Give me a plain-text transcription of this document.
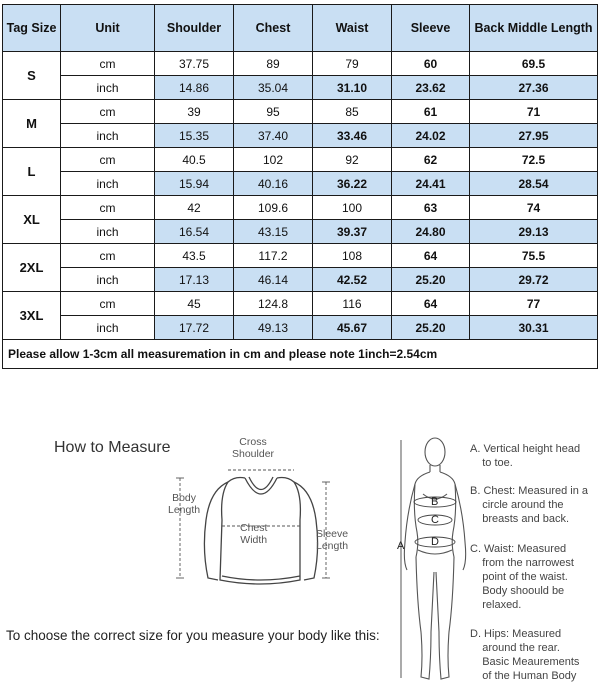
Tag Size	Unit	Shoulder	Chest	Waist	Sleeve	Back Middle Length
S	cm	37.75	89	79	60	69.5
	inch	14.86	35.04	31.10	23.62	27.36
M	cm	39	95	85	61	71
	inch	15.35	37.40	33.46	24.02	27.95
L	cm	40.5	102	92	62	72.5
	inch	15.94	40.16	36.22	24.41	28.54
XL	cm	42	109.6	100	63	74
	inch	16.54	43.15	39.37	24.80	29.13
2XL	cm	43.5	117.2	108	64	75.5
	inch	17.13	46.14	42.52	25.20	29.72
3XL	cm	45	124.8	116	64	77
	inch	17.72	49.13	45.67	25.20	30.31
Please allow 1-3cm all measuremation in cm and please note 1inch=2.54cm						
How to Measure	Cross
Shoulder
Body
Length
Chest
Width	Sleeve
Length
To choose the correct size for you measure your body like this:
A
B
C
D
A. Vertical height head
to toe.
B. Chest: Measured in a
circle around the
breasts and back.
C. Waist: Measured
from the narrowest
point of the waist.
Body shoould be
relaxed.
D. Hips: Measured
around the rear.
Basic Meaurements
of the Human Body
